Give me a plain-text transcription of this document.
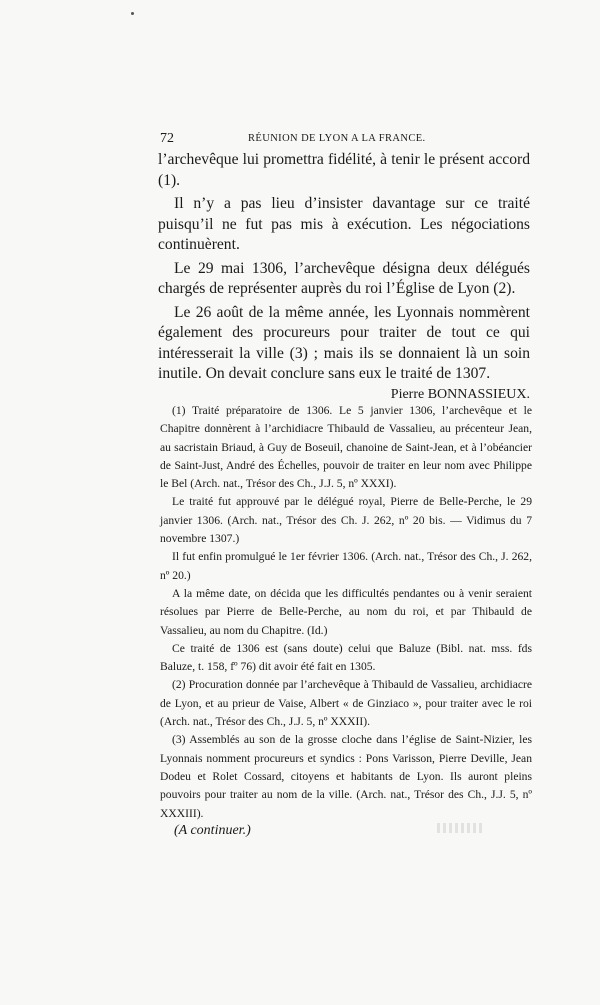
72	RÉUNION DE LYON A LA FRANCE.

l’archevêque lui promettra fidélité, à tenir le présent accord (1).

Il n’y a pas lieu d’insister davantage sur ce traité puisqu’il ne fut pas mis à exécution. Les négociations continuèrent.

Le 29 mai 1306, l’archevêque désigna deux délégués chargés de représenter auprès du roi l’Église de Lyon (2).

Le 26 août de la même année, les Lyonnais nommèrent également des procureurs pour traiter de tout ce qui intéresserait la ville (3) ; mais ils se donnaient là un soin inutile. On devait conclure sans eux le traité de 1307.

Pierre BONNASSIEUX.

(1) Traité préparatoire de 1306. Le 5 janvier 1306, l’archevêque et le Chapitre donnèrent à l’archidiacre Thibauld de Vassalieu, au précenteur Jean, au sacristain Briaud, à Guy de Boseuil, chanoine de Saint-Jean, et à l’obéancier de Saint-Just, André des Échelles, pouvoir de traiter en leur nom avec Philippe le Bel (Arch. nat., Trésor des Ch., J.J. 5, nº XXXI).

Le traité fut approuvé par le délégué royal, Pierre de Belle-Perche, le 29 janvier 1306. (Arch. nat., Trésor des Ch. J. 262, nº 20 bis. — Vidimus du 7 novembre 1307.)

Il fut enfin promulgué le 1er février 1306. (Arch. nat., Trésor des Ch., J. 262, nº 20.)

A la même date, on décida que les difficultés pendantes ou à venir seraient résolues par Pierre de Belle-Perche, au nom du roi, et par Thibauld de Vassalieu, au nom du Chapitre. (Id.)

Ce traité de 1306 est (sans doute) celui que Baluze (Bibl. nat. mss. fds Baluze, t. 158, fº 76) dit avoir été fait en 1305.

(2) Procuration donnée par l’archevêque à Thibauld de Vassalieu, archidiacre de Lyon, et au prieur de Vaise, Albert « de Ginziaco », pour traiter avec le roi (Arch. nat., Trésor des Ch., J.J. 5, nº XXXII).

(3) Assemblés au son de la grosse cloche dans l’église de Saint-Nizier, les Lyonnais nomment procureurs et syndics : Pons Varisson, Pierre Deville, Jean Dodeu et Rolet Cossard, citoyens et habitants de Lyon. Ils auront pleins pouvoirs pour traiter au nom de la ville. (Arch. nat., Trésor des Ch., J.J. 5, nº XXXIII).

(A continuer.)
